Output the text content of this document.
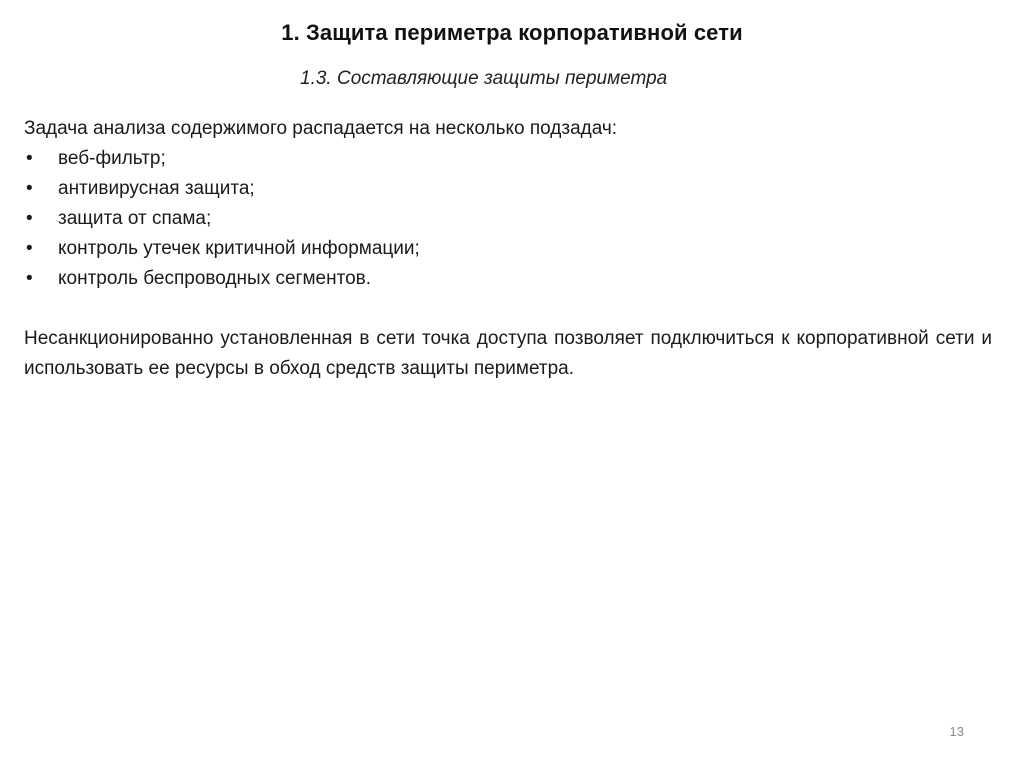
1. Защита периметра корпоративной сети
1.3. Составляющие защиты периметра

Задача анализа содержимого распадается на несколько подзадач:

• веб-фильтр;
• антивирусная защита;
• защита от спама;
• контроль утечек критичной информации;
• контроль беспроводных сегментов.

Несанкционированно установленная в сети точка доступа позволяет подключиться к корпоративной сети и использовать ее ресурсы в обход средств защиты периметра.

13
